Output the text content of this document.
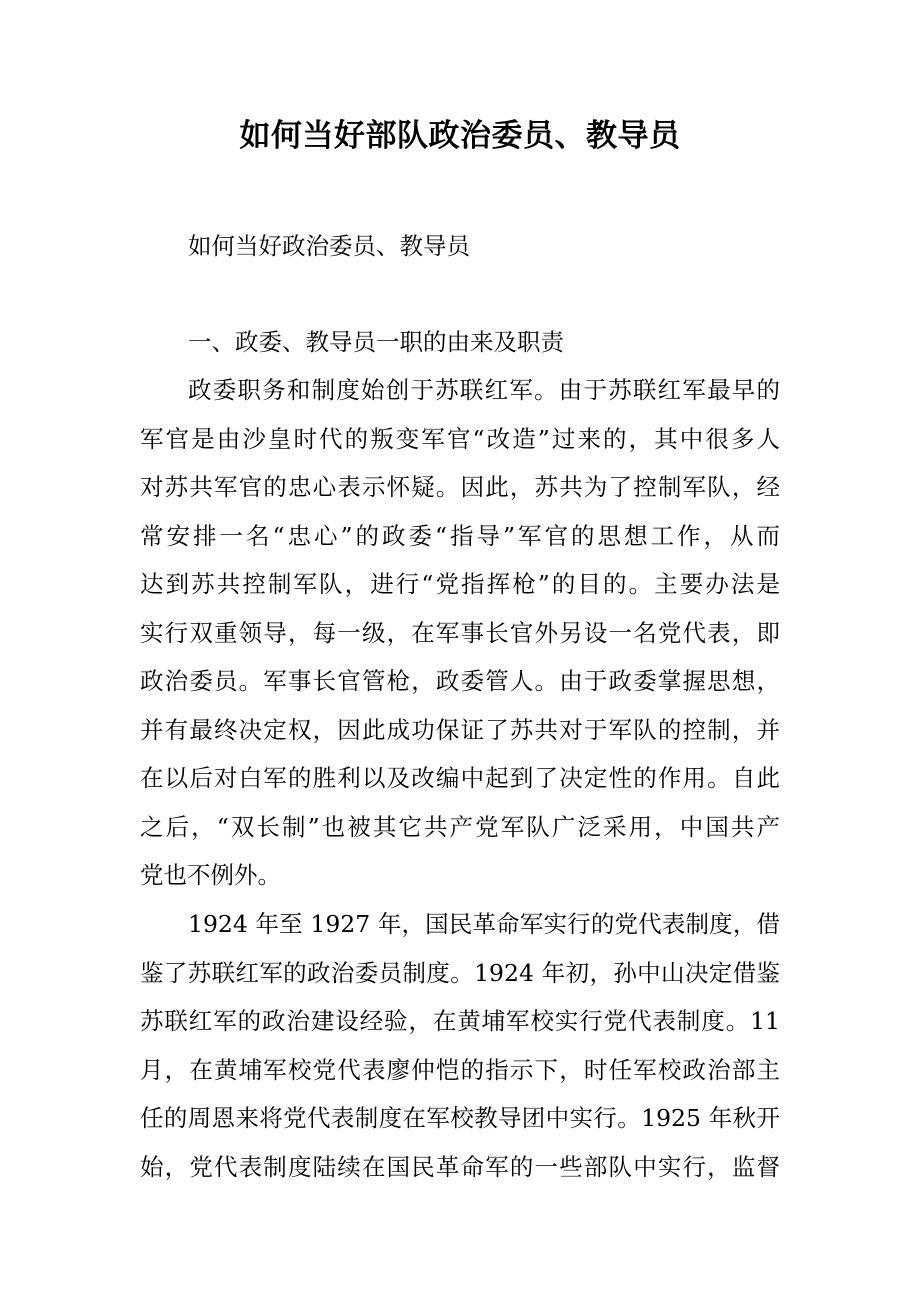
如何当好部队政治委员、教导员
如何当好政治委员、教导员
一、政委、教导员一职的由来及职责
政委职务和制度始创于苏联红军。由于苏联红军最早的
军官是由沙皇时代的叛变军官“改造”过来的，其中很多人
对苏共军官的忠心表示怀疑。因此，苏共为了控制军队，经
常安排一名“忠心”的政委“指导”军官的思想工作，从而
达到苏共控制军队，进行“党指挥枪”的目的。主要办法是
实行双重领导，每一级，在军事长官外另设一名党代表，即
政治委员。军事长官管枪，政委管人。由于政委掌握思想，
并有最终决定权，因此成功保证了苏共对于军队的控制，并
在以后对白军的胜利以及改编中起到了决定性的作用。自此
之后，“双长制”也被其它共产党军队广泛采用，中国共产
党也不例外。
1924 年至 1927 年，国民革命军实行的党代表制度，借
鉴了苏联红军的政治委员制度。1924 年初，孙中山决定借鉴
苏联红军的政治建设经验，在黄埔军校实行党代表制度。11
月，在黄埔军校党代表廖仲恺的指示下，时任军校政治部主
任的周恩来将党代表制度在军校教导团中实行。1925 年秋开
始，党代表制度陆续在国民革命军的一些部队中实行，监督
